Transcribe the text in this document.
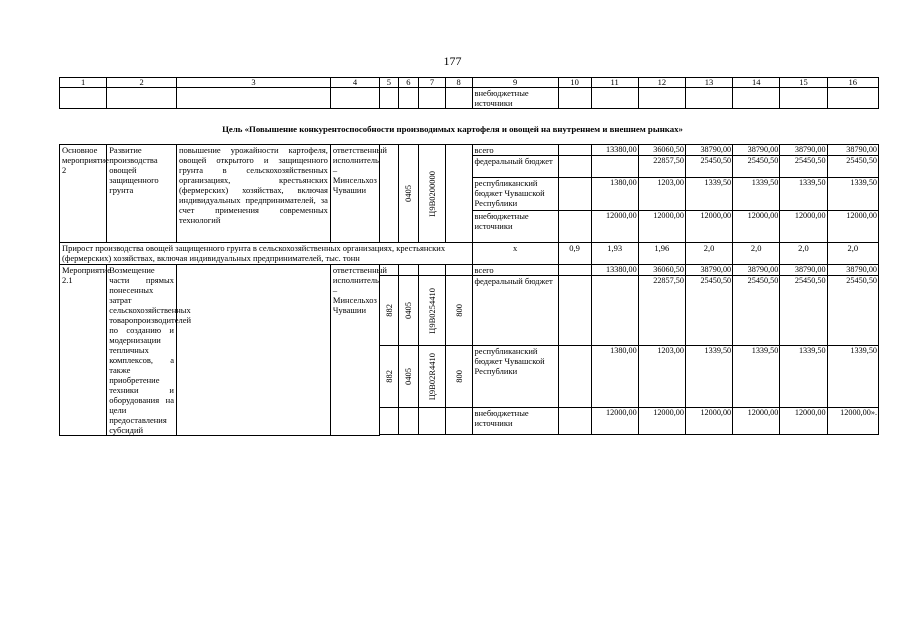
177
1	2	3	4	5	6	7	8	9	10	11	12	13	14	15	16
								внебюджетные источники							
Цель «Повышение конкурентоспособности производимых картофеля и овощей на внутреннем и внешнем рынках»
Основное мероприятие 2	Развитие производства овощей защищенного грунта	повышение урожайности картофеля, овощей открытого и защищенного грунта в сельскохозяйственных организациях, крестьянских (фермерских) хозяйствах, включая индивидуальных предпринимателей, за счет применения современных технологий	ответственный исполнитель – Минсельхоз Чувашии		0405	Ц9В0200000		всего		13380,00	36060,50	38790,00	38790,00	38790,00	38790,00
								федеральный бюджет			22857,50	25450,50	25450,50	25450,50	25450,50
								республиканский бюджет Чувашской Республики		1380,00	1203,00	1339,50	1339,50	1339,50	1339,50
								внебюджетные источники		12000,00	12000,00	12000,00	12000,00	12000,00	12000,00
Прирост производства овощей защищенного грунта в сельскохозяйственных организациях, крестьянских (фермерских) хозяйствах, включая индивидуальных предпринимателей, тыс. тонн								х	0,9	1,93	1,96	2,0	2,0	2,0	2,0
Мероприятие 2.1	Возмещение части прямых понесенных затрат сельскохозяйственных товаропроизводителей по созданию и модернизации тепличных комплексов, а также приобретение техники и оборудования на цели предоставления субсидий		ответственный исполнитель – Минсельхоз Чувашии					всего		13380,00	36060,50	38790,00	38790,00	38790,00	38790,00

				882	0405	Ц9В0254410	800	федеральный бюджет			22857,50	25450,50	25450,50	25450,50	25450,50

				882	0405	Ц9В02R4410	800	республиканский бюджет Чувашской Республики		1380,00	1203,00	1339,50	1339,50	1339,50	1339,50
								внебюджетные источники		12000,00	12000,00	12000,00	12000,00	12000,00	12000,00».
